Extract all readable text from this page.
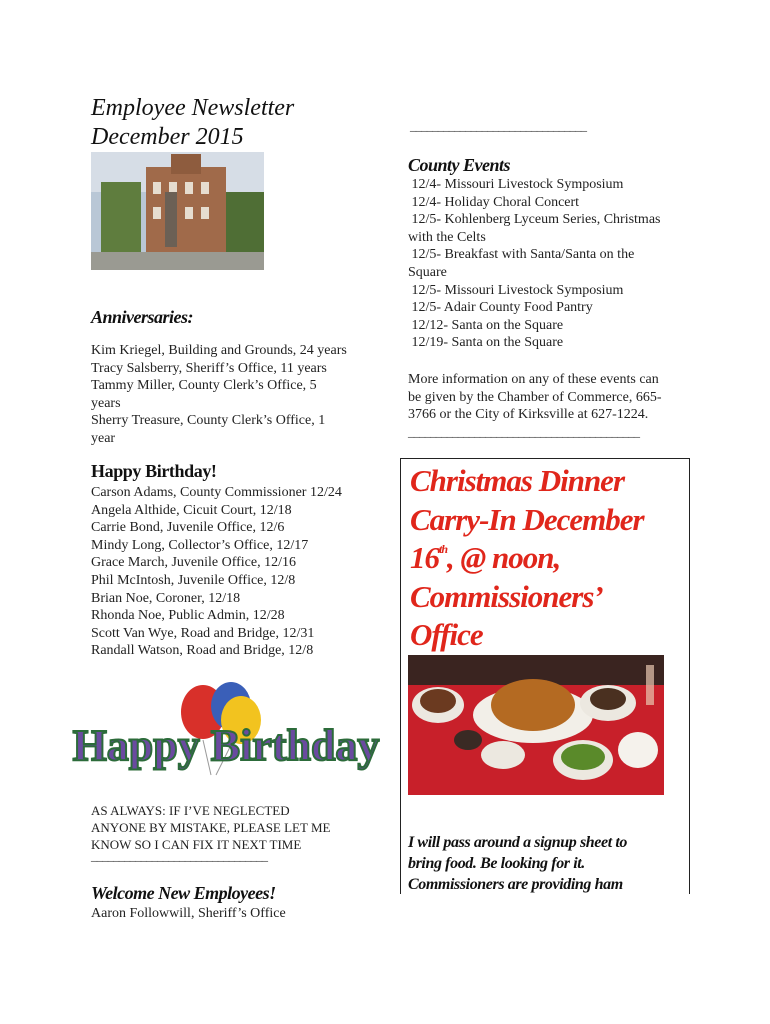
Employee Newsletter
December 2015
Anniversaries:
Kim Kriegel, Building and Grounds, 24 years
Tracy Salsberry, Sheriff’s Office, 11 years
Tammy Miller, County Clerk’s Office, 5
years
Sherry Treasure, County Clerk’s Office, 1
year
Happy Birthday!
Carson Adams, County Commissioner 12/24
Angela Althide, Cicuit Court, 12/18
Carrie Bond, Juvenile Office, 12/6
Mindy Long, Collector’s Office, 12/17
Grace March, Juvenile Office, 12/16
Phil McIntosh, Juvenile Office, 12/8
Brian Noe, Coroner, 12/18
Rhonda Noe, Public Admin, 12/28
Scott Van Wye, Road and Bridge, 12/31
Randall Watson, Road and Bridge, 12/8
Happy Birthday
AS ALWAYS: IF I’VE NEGLECTED
ANYONE BY MISTAKE, PLEASE LET ME
KNOW SO I CAN FIX IT NEXT TIME
________________________________
Welcome New Employees!
Aaron Followwill, Sheriff’s Office
________________________________
County Events
12/4- Missouri Livestock Symposium
12/4- Holiday Choral Concert
12/5- Kohlenberg Lyceum Series, Christmas
with the Celts
12/5- Breakfast with Santa/Santa on the
Square
12/5- Missouri Livestock Symposium
12/5- Adair County Food Pantry
12/12- Santa on the Square
12/19- Santa on the Square
More information on any of these events can
be given by the Chamber of Commerce, 665-
3766 or the City of Kirksville at 627-1224.
__________________________________________
Christmas Dinner
Carry-In December
16th, @ noon,
Commissioners’
Office
I will pass around a signup sheet to
bring food. Be looking for it.
Commissioners are providing ham
